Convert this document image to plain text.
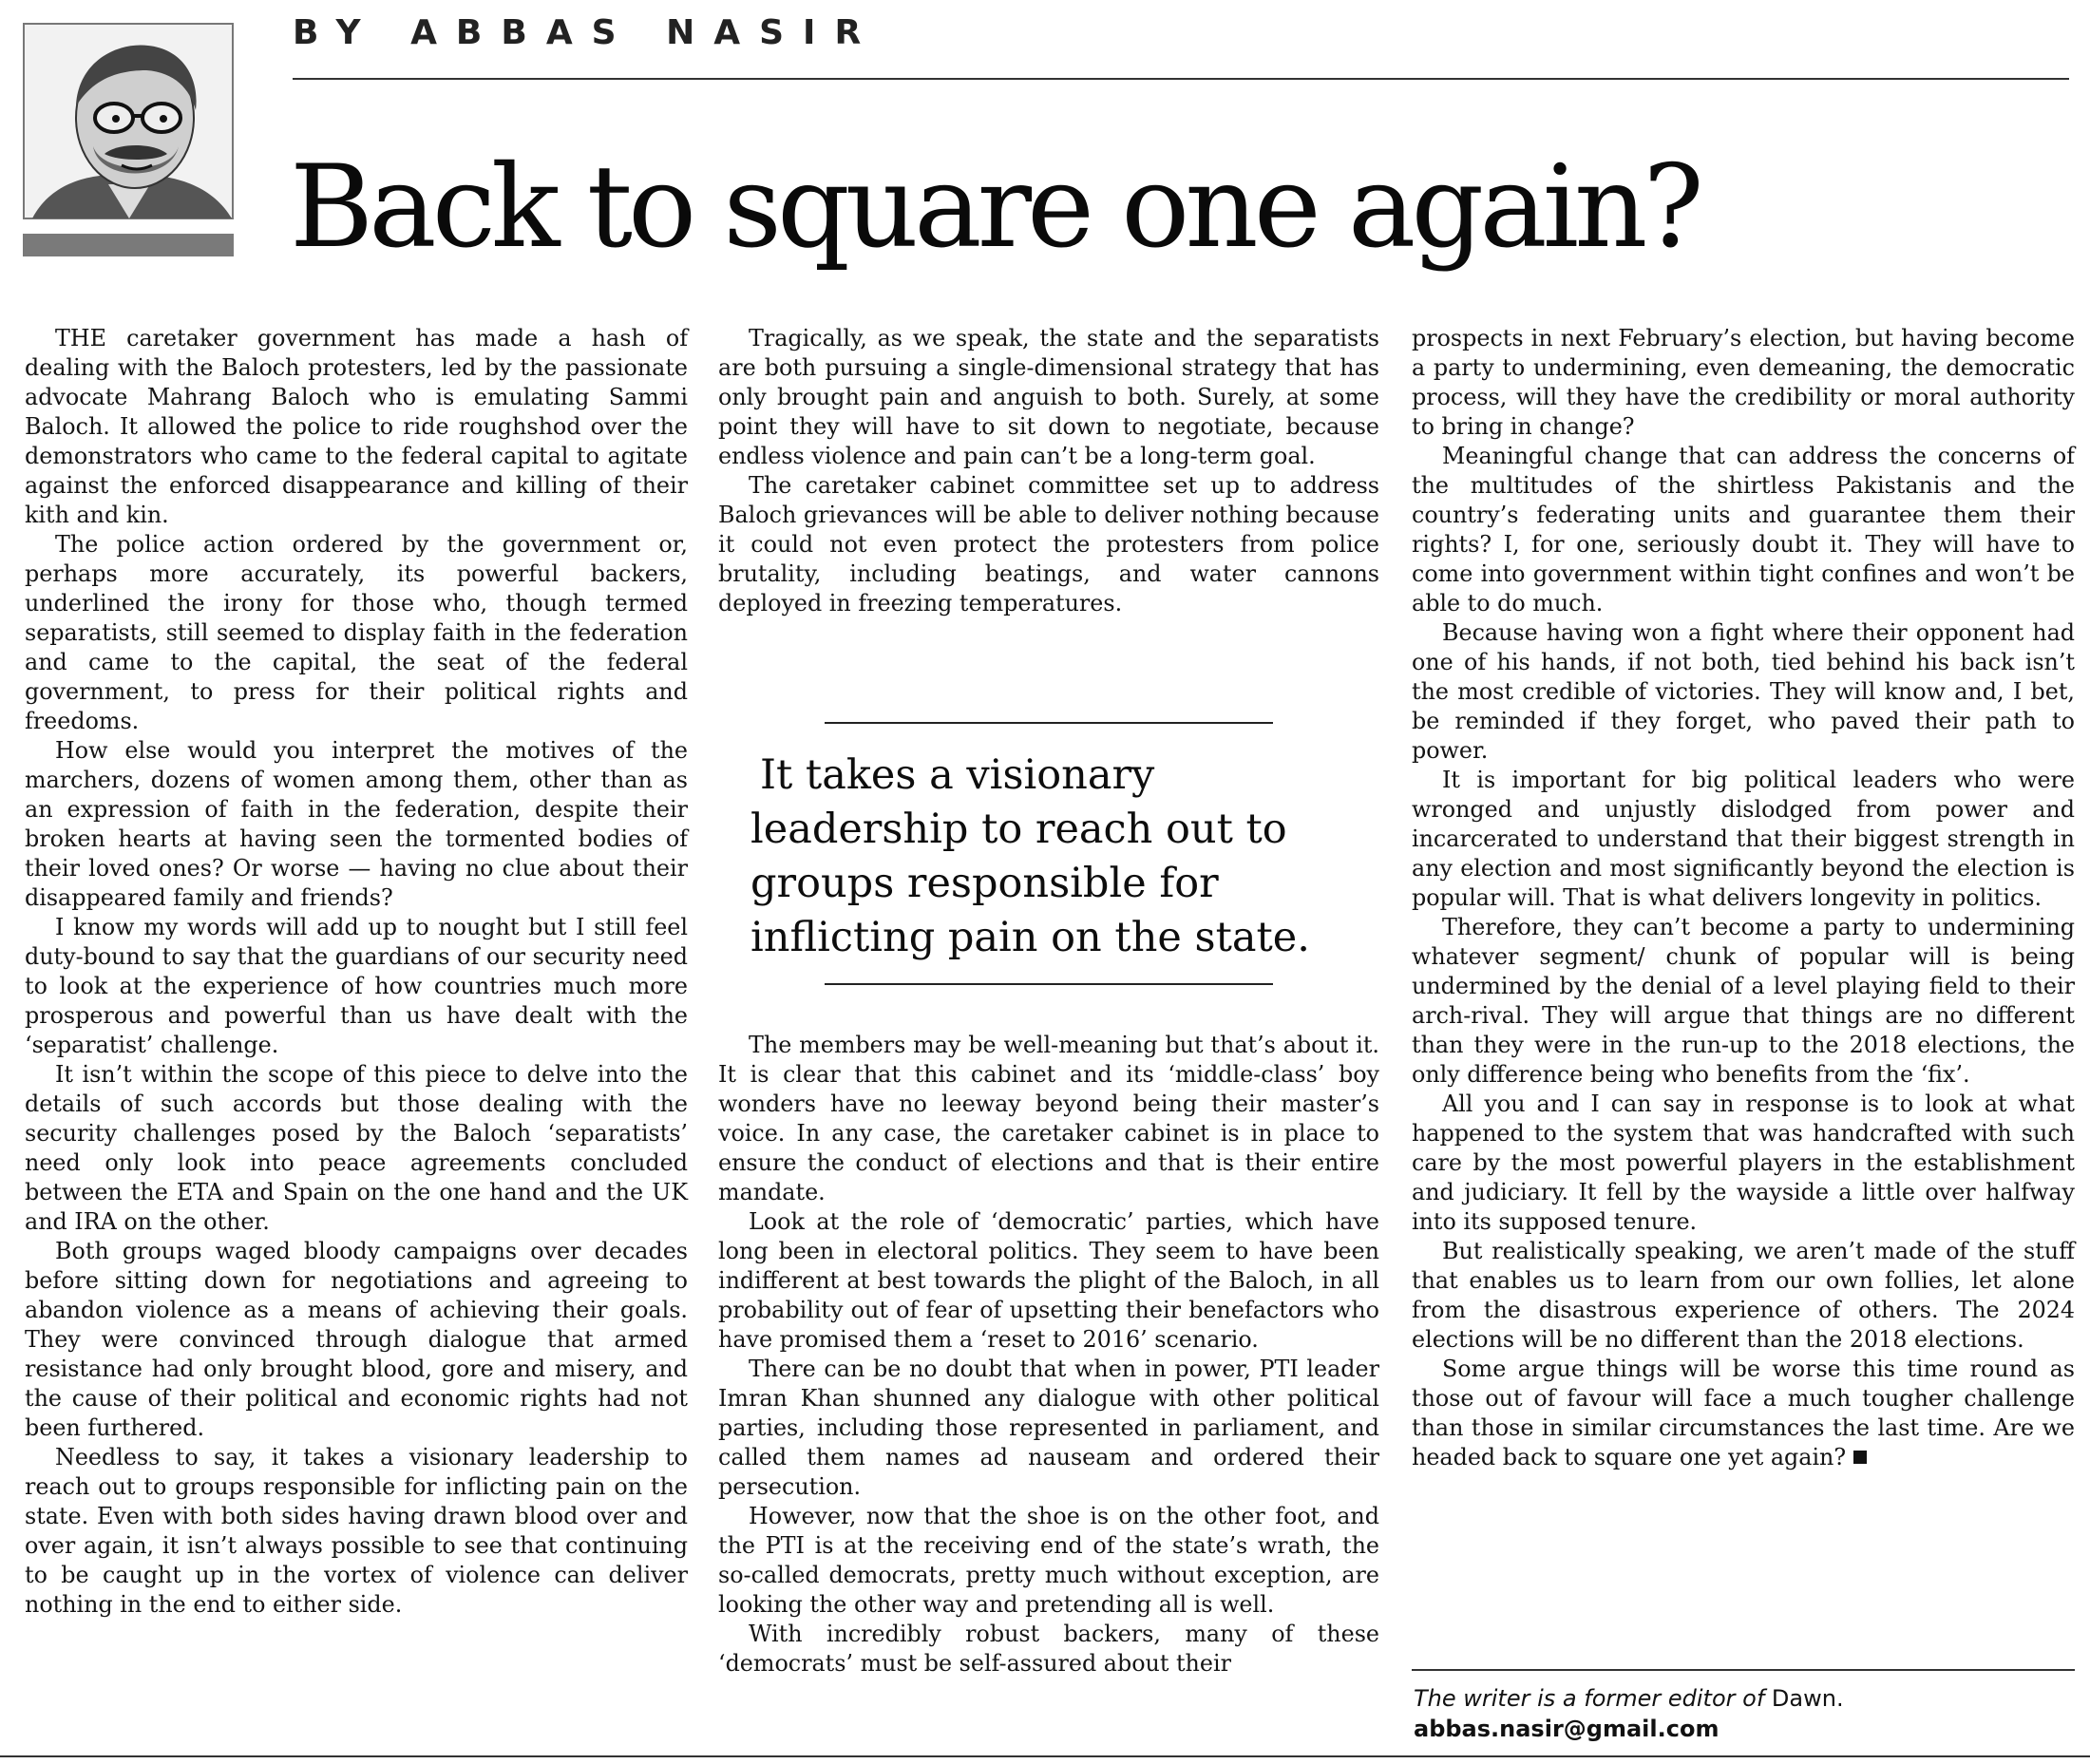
BY ABBAS NASIR
Back to square one again?

THE caretaker government has made a hash of dealing with the Baloch protesters, led by the passionate advocate Mahrang Baloch who is emulating Sammi Baloch. It allowed the police to ride roughshod over the demonstrators who came to the federal capital to agitate against the enforced disappearance and killing of their kith and kin.

The police action ordered by the government or, perhaps more accurately, its powerful backers, underlined the irony for those who, though termed separatists, still seemed to display faith in the federation and came to the capital, the seat of the federal government, to press for their political rights and freedoms.

How else would you interpret the motives of the marchers, dozens of women among them, other than as an expression of faith in the federation, despite their broken hearts at having seen the tormented bodies of their loved ones? Or worse — having no clue about their disappeared family and friends?

I know my words will add up to nought but I still feel duty-bound to say that the guardians of our security need to look at the experience of how countries much more prosperous and powerful than us have dealt with the ‘separatist’ challenge.

It isn’t within the scope of this piece to delve into the details of such accords but those dealing with the security challenges posed by the Baloch ‘separatists’ need only look into peace agreements concluded between the ETA and Spain on the one hand and the UK and IRA on the other.

Both groups waged bloody campaigns over decades before sitting down for negotiations and agreeing to abandon violence as a means of achieving their goals. They were convinced through dialogue that armed resistance had only brought blood, gore and misery, and the cause of their political and economic rights had not been furthered.

Needless to say, it takes a visionary leadership to reach out to groups responsible for inflicting pain on the state. Even with both sides having drawn blood over and over again, it isn’t always possible to see that continuing to be caught up in the vortex of violence can deliver nothing in the end to either side.

Tragically, as we speak, the state and the separatists are both pursuing a single-dimensional strategy that has only brought pain and anguish to both. Surely, at some point they will have to sit down to negotiate, because endless violence and pain can’t be a long-term goal.

The caretaker cabinet committee set up to address Baloch grievances will be able to deliver nothing because it could not even protect the protesters from police brutality, including beatings, and water cannons deployed in freezing temperatures.

It takes a visionary
leadership to reach out to
groups responsible for
inflicting pain on the state.

The members may be well-meaning but that’s about it. It is clear that this cabinet and its ‘middle-class’ boy wonders have no leeway beyond being their master’s voice. In any case, the caretaker cabinet is in place to ensure the conduct of elections and that is their entire mandate.

Look at the role of ‘democratic’ parties, which have long been in electoral politics. They seem to have been indifferent at best towards the plight of the Baloch, in all probability out of fear of upsetting their benefactors who have promised them a ‘reset to 2016’ scenario.

There can be no doubt that when in power, PTI leader Imran Khan shunned any dialogue with other political parties, including those represented in parliament, and called them names ad nauseam and ordered their persecution.

However, now that the shoe is on the other foot, and the PTI is at the receiving end of the state’s wrath, the so-called democrats, pretty much without exception, are looking the other way and pretending all is well.

With incredibly robust backers, many of these ‘democrats’ must be self-assured about their

prospects in next February’s election, but having become a party to undermining, even demeaning, the democratic process, will they have the credibility or moral authority to bring in change?

Meaningful change that can address the concerns of the multitudes of the shirtless Pakistanis and the country’s federating units and guarantee them their rights? I, for one, seriously doubt it. They will have to come into government within tight confines and won’t be able to do much.

Because having won a fight where their opponent had one of his hands, if not both, tied behind his back isn’t the most credible of victories. They will know and, I bet, be reminded if they forget, who paved their path to power.

It is important for big political leaders who were wronged and unjustly dislodged from power and incarcerated to understand that their biggest strength in any election and most significantly beyond the election is popular will. That is what delivers longevity in politics.

Therefore, they can’t become a party to undermining whatever segment/ chunk of popular will is being undermined by the denial of a level playing field to their arch-rival. They will argue that things are no different than they were in the run-up to the 2018 elections, the only difference being who benefits from the ‘fix’.

All you and I can say in response is to look at what happened to the system that was handcrafted with such care by the most powerful players in the establishment and judiciary. It fell by the wayside a little over halfway into its supposed tenure.

But realistically speaking, we aren’t made of the stuff that enables us to learn from our own follies, let alone from the disastrous experience of others. The 2024 elections will be no different than the 2018 elections.

Some argue things will be worse this time round as those out of favour will face a much tougher challenge than those in similar circumstances the last time. Are we headed back to square one yet again?

The writer is a former editor of Dawn.
abbas.nasir@gmail.com
